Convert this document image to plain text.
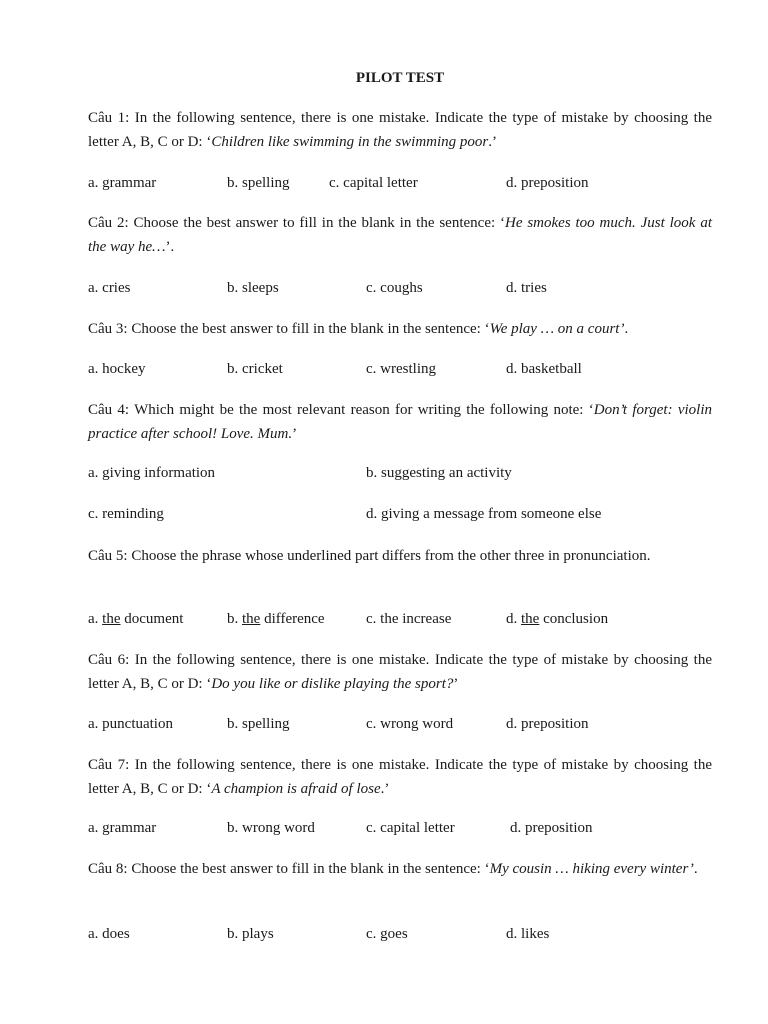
PILOT TEST
Câu 1: In the following sentence, there is one mistake. Indicate the type of mistake by choosing the letter A, B, C or D: ‘Children like swimming in the swimming poor.’
a. grammar	b. spelling	c. capital letter	d. preposition
Câu 2: Choose the best answer to fill in the blank in the sentence: ‘He smokes too much. Just look at the way he…’.
a. cries	b. sleeps	c. coughs	d. tries
Câu 3: Choose the best answer to fill in the blank in the sentence: ‘We play … on a court’.
a. hockey	b. cricket	c. wrestling	d. basketball
Câu 4: Which might be the most relevant reason for writing the following note: ‘Don’t forget: violin practice after school! Love. Mum.’
a. giving information	b. suggesting an activity
c. reminding	d. giving a message from someone else
Câu 5: Choose the phrase whose underlined part differs from the other three in pronunciation.
a. the document	b. the difference	c. the increase	d. the conclusion
Câu 6: In the following sentence, there is one mistake. Indicate the type of mistake by choosing the letter A, B, C or D: ‘Do you like or dislike playing the sport?’
a. punctuation	b. spelling	c. wrong word	d. preposition
Câu 7: In the following sentence, there is one mistake. Indicate the type of mistake by choosing the letter A, B, C or D: ‘A champion is afraid of lose.’
a. grammar	b. wrong word	c. capital letter	d. preposition
Câu 8: Choose the best answer to fill in the blank in the sentence: ‘My cousin … hiking every winter’.
a. does	b. plays	c. goes	d. likes
